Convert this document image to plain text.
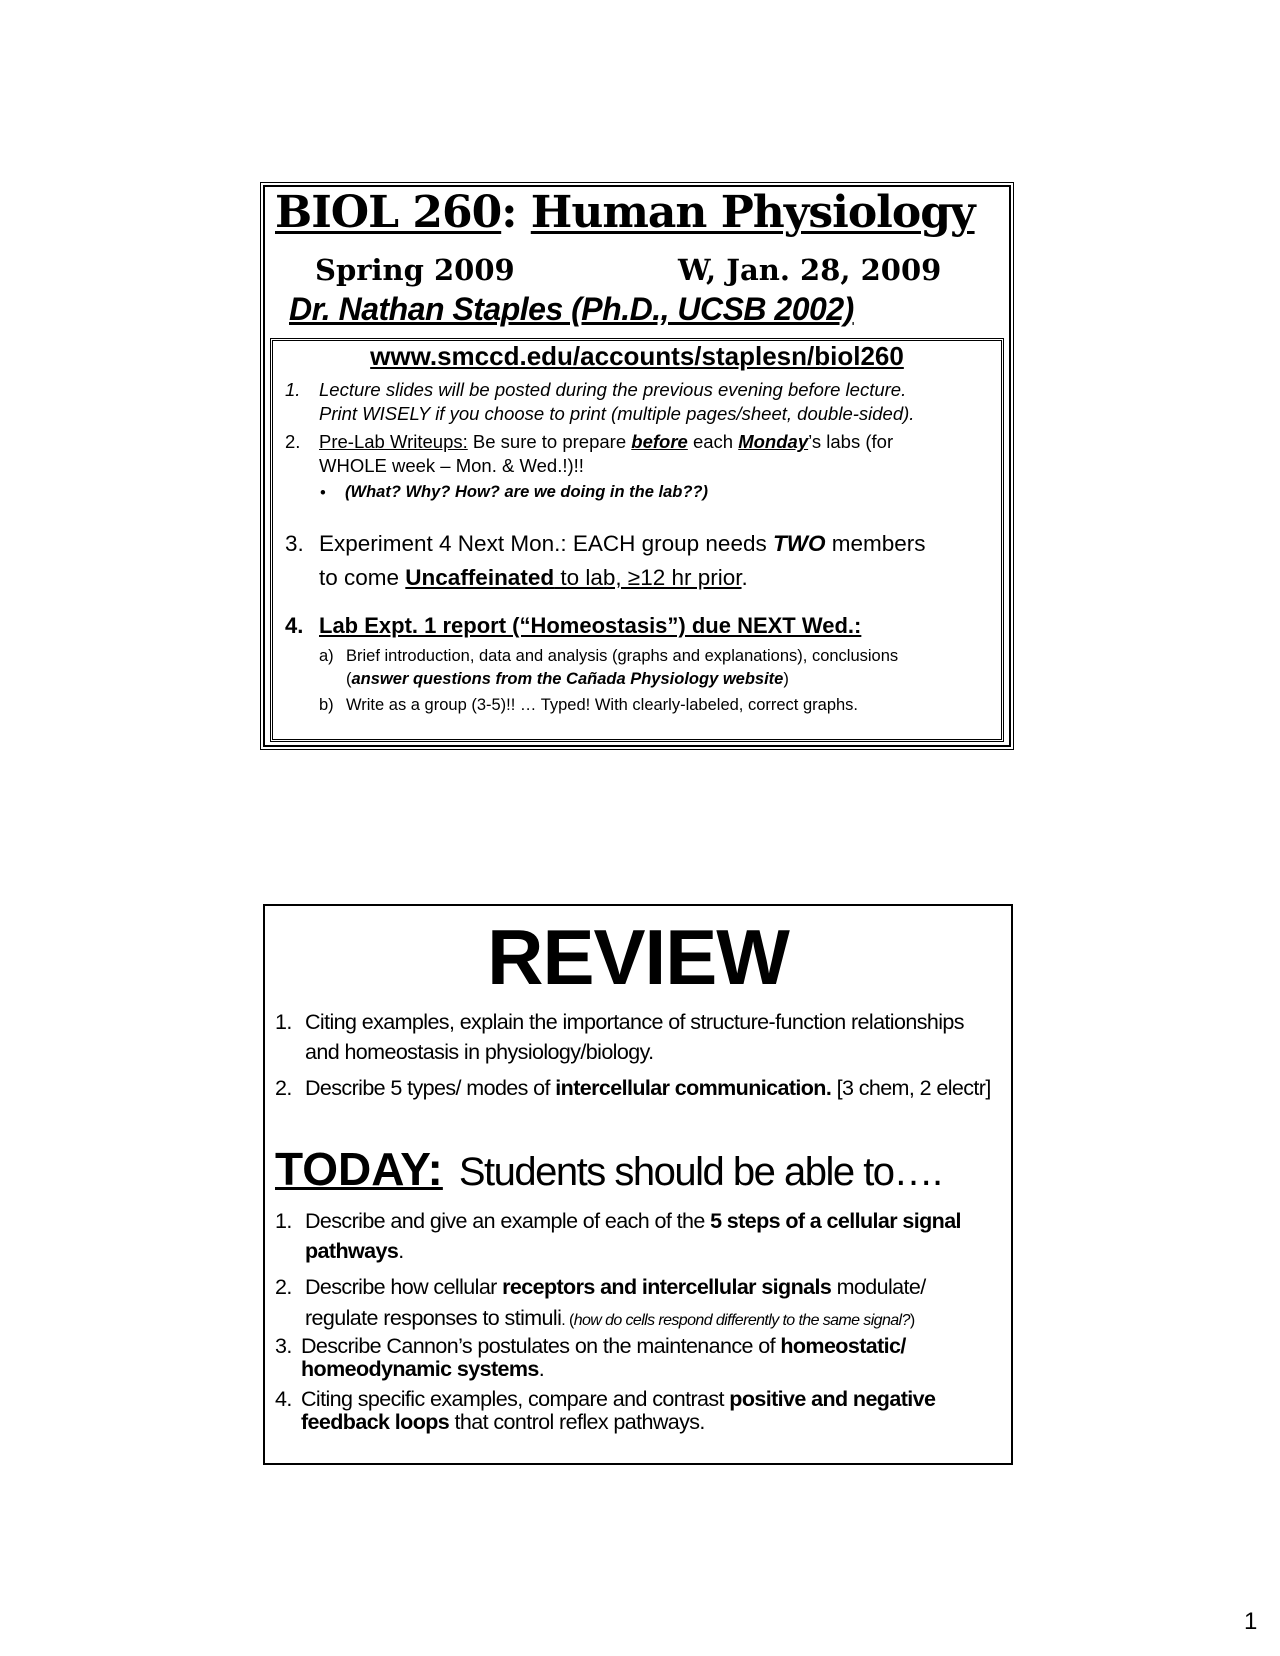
BIOL 260: Human Physiology
Spring 2009	W, Jan. 28, 2009
Dr. Nathan Staples (Ph.D., UCSB 2002)
www.smccd.edu/accounts/staplesn/biol260
1. Lecture slides will be posted during the previous evening before lecture.
Print WISELY if you choose to print (multiple pages/sheet, double-sided).
2. Pre-Lab Writeups: Be sure to prepare before each Monday’s labs (for
WHOLE week – Mon. & Wed.!)!!
• (What? Why? How? are we doing in the lab??)
3. Experiment 4 Next Mon.: EACH group needs TWO members
to come Uncaffeinated to lab, ≥12 hr prior.
4. Lab Expt. 1 report (“Homeostasis”) due NEXT Wed.:
a) Brief introduction, data and analysis (graphs and explanations), conclusions
(answer questions from the Cañada Physiology website)
b) Write as a group (3-5)!! … Typed! With clearly-labeled, correct graphs.
REVIEW
1. Citing examples, explain the importance of structure-function relationships
and homeostasis in physiology/biology.
2. Describe 5 types/ modes of intercellular communication. [3 chem, 2 electr]
TODAY: Students should be able to….
1. Describe and give an example of each of the 5 steps of a cellular signal
pathways.
2. Describe how cellular receptors and intercellular signals modulate/
regulate responses to stimuli. (how do cells respond differently to the same signal?)
3. Describe Cannon’s postulates on the maintenance of homeostatic/
homeodynamic systems.
4. Citing specific examples, compare and contrast positive and negative
feedback loops that control reflex pathways.
1
